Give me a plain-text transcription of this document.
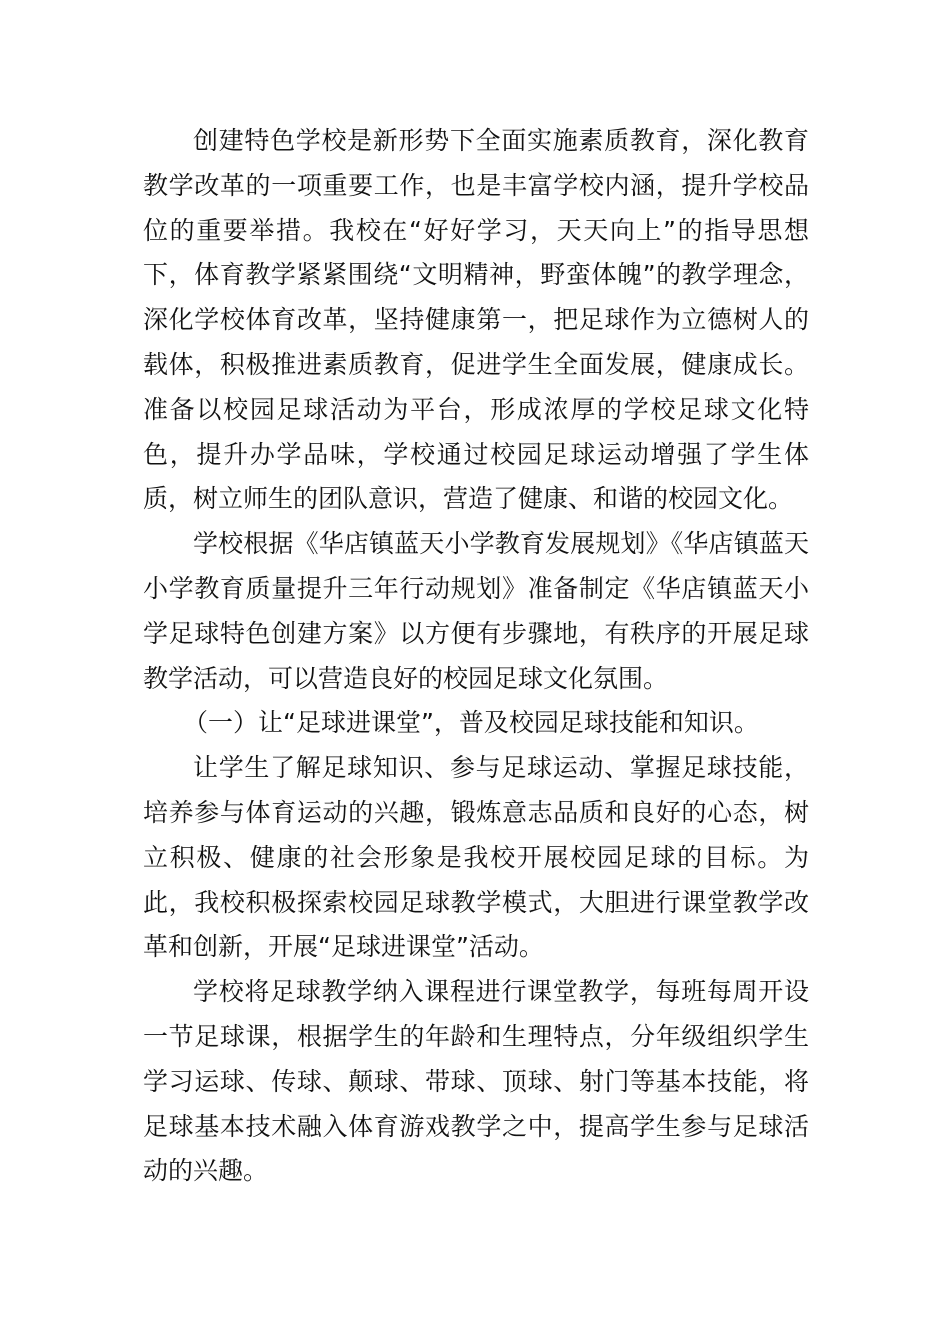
创建特色学校是新形势下全面实施素质教育，深化教育教学改革的一项重要工作，也是丰富学校内涵，提升学校品位的重要举措。我校在“好好学习，天天向上”的指导思想下，体育教学紧紧围绕“文明精神，野蛮体魄”的教学理念，深化学校体育改革，坚持健康第一，把足球作为立德树人的载体，积极推进素质教育，促进学生全面发展，健康成长。准备以校园足球活动为平台，形成浓厚的学校足球文化特色，提升办学品味，学校通过校园足球运动增强了学生体质，树立师生的团队意识，营造了健康、和谐的校园文化。

学校根据《华店镇蓝天小学教育发展规划》《华店镇蓝天小学教育质量提升三年行动规划》准备制定《华店镇蓝天小学足球特色创建方案》以方便有步骤地，有秩序的开展足球教学活动，可以营造良好的校园足球文化氛围。

（一）让“足球进课堂”，普及校园足球技能和知识。

让学生了解足球知识、参与足球运动、掌握足球技能，培养参与体育运动的兴趣，锻炼意志品质和良好的心态，树立积极、健康的社会形象是我校开展校园足球的目标。为此，我校积极探索校园足球教学模式，大胆进行课堂教学改革和创新，开展“足球进课堂”活动。

学校将足球教学纳入课程进行课堂教学，每班每周开设一节足球课，根据学生的年龄和生理特点，分年级组织学生学习运球、传球、颠球、带球、顶球、射门等基本技能，将足球基本技术融入体育游戏教学之中，提高学生参与足球活动的兴趣。
